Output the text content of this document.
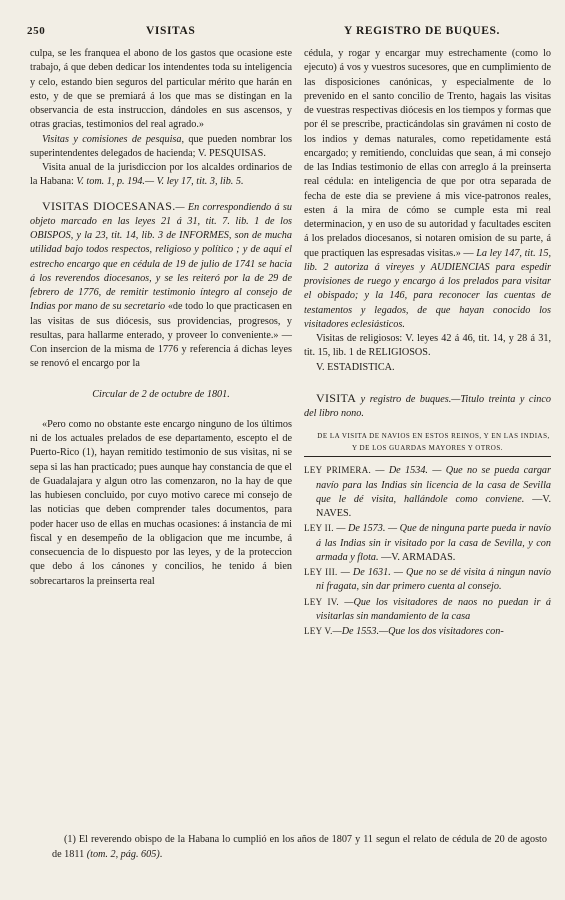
250	VISITAS	Y REGISTRO DE BUQUES.

culpa, se les franquea el abono de los gastos que ocasione este trabajo, á que deben dedicar los intendentes toda su inteligencia y celo, estando bien seguros del particular mérito que harán en esto, y de que se premiará á los que mas se distingan en la observancia de esta instruccion, dándoles en sus ascensos, y otras gracias, testimonios del real agrado.»

Visitas y comisiones de pesquisa, que pueden nombrar los superintendentes delegados de hacienda; V. PESQUISAS.

Visita anual de la jurisdiccion por los alcaldes ordinarios de la Habana: V. tom. 1, p. 194.— V. ley 17, tit. 3, lib. 5.

VISITAS DIOCESANAS.— En correspondiendo á su objeto marcado en las leyes 21 á 31, tit. 7. lib. 1 de los OBISPOS, y la 23, tit. 14, lib. 3 de INFORMES, son de mucha utilidad bajo todos respectos, religioso y político ; y de aquí el estrecho encargo que en cédula de 19 de julio de 1741 se hacia á los reverendos diocesanos, y se les reiteró por la de 29 de febrero de 1776, de remitir testimonio íntegro al consejo de Indias por mano de su secretario «de todo lo que practicasen en las visitas de sus diócesis, sus providencias, progresos, y resultas, para hallarme enterado, y proveer lo conveniente.» — Con insercion de la misma de 1776 y referencia á dichas leyes se renovó el encargo por la

Circular de 2 de octubre de 1801.

«Pero como no obstante este encargo ninguno de los últimos ni de los actuales prelados de ese departamento, escepto el de Puerto-Rico (1), hayan remitido testimonio de sus visitas, ni se sepa si las han practicado; pues aunque hay constancia de que el de Guadalajara y algun otro las comenzaron, no la hay de que las hubiesen concluido, por cuyo motivo carece mi consejo de las noticias que deben comprender tales documentos, para poder hacer uso de ellas en muchas ocasiones: á instancia de mi fiscal y en desempeño de la obligacion que me incumbe, á consecuencia de lo dispuesto por las leyes, y de la proteccion que debo á los cánones y concilios, he tenido á bien sobrecartaros la preinserta real

cédula, y rogar y encargar muy estrechamente (como lo ejecuto) á vos y vuestros sucesores, que en cumplimiento de las disposiciones canónicas, y especialmente de lo prevenido en el santo concilio de Trento, hagais las visitas de vuestras respectivas diócesis en los tiempos y formas que por él se prescribe, practicándolas sin gravámen ni costo de los indios y demas naturales, como repetidamente está encargado; y remitiendo, concluidas que sean, á mi consejo de las Indias testimonio de ellas con arreglo á la preinserta real cédula: en inteligencia de que por otra separada de fecha de este dia se previene á mis vice-patronos reales, esten á la mira de cómo se cumple esta mi real determinacion, y en uso de su autoridad y facultades esciten á los prelados diocesanos, si notaren omision de su parte, á que practiquen las espresadas visitas.» — La ley 147, tit. 15, lib. 2 autoriza á vireyes y AUDIENCIAS para espedir provisiones de ruego y encargo á los prelados para visitar el obispado; y la 146, para reconocer las cuentas de testamentos y legados, de que hayan conocido los visitadores eclesiásticos.

Visitas de religiosos: V. leyes 42 á 46, tit. 14, y 28 á 31, tit. 15, lib. 1 de RELIGIOSOS.

V. ESTADISTICA.

VISITA y registro de buques.—Titulo treinta y cinco del libro nono.

DE LA VISITA DE NAVIOS EN ESTOS REINOS, Y EN LAS INDIAS, Y DE LOS GUARDAS MAYORES Y OTROS.

LEY PRIMERA. — De 1534. — Que no se pueda cargar navío para las Indias sin licencia de la casa de Sevilla que le dé visita, hallándole como conviene. —V. NAVES.

LEY II. — De 1573. — Que de ninguna parte pueda ir navío á las Indias sin ir visitado por la casa de Sevilla, y con armada y flota. —V. ARMADAS.

LEY III. — De 1631. — Que no se dé visita á ningun navío ni fragata, sin dar primero cuenta al consejo.

LEY IV. —Que los visitadores de naos no puedan ir á visitarlas sin mandamiento de la casa

LEY V.—De 1553.—Que los dos visitadores con-

(1) El reverendo obispo de la Habana lo cumplió en los años de 1807 y 11 segun el relato de cédula de 20 de agosto de 1811 (tom. 2, pág. 605).
